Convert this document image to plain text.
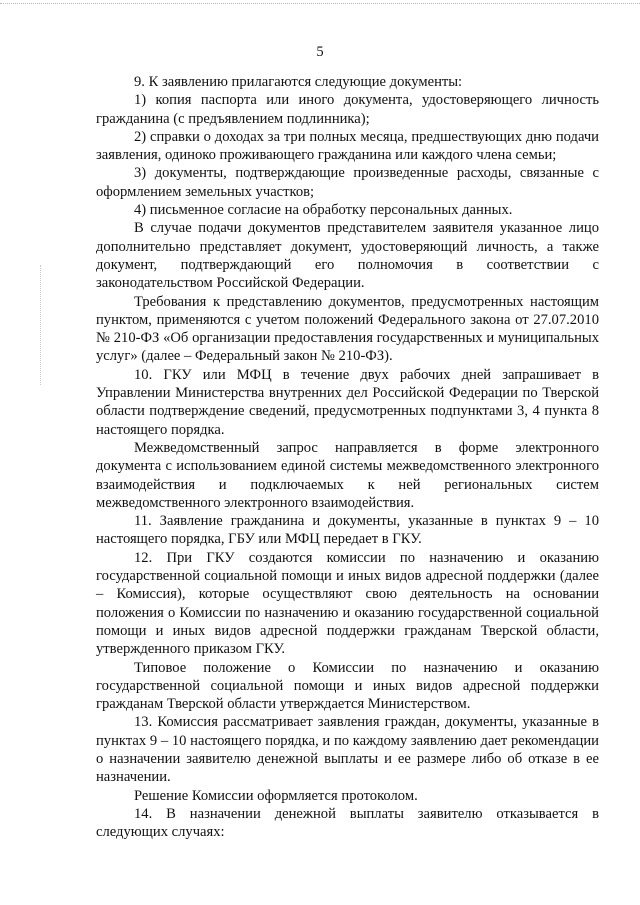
5

9. К заявлению прилагаются следующие документы:

1) копия паспорта или иного документа, удостоверяющего личность гражданина (с предъявлением подлинника);

2) справки о доходах за три полных месяца, предшествующих дню подачи заявления, одиноко проживающего гражданина или каждого члена семьи;

3) документы, подтверждающие произведенные расходы, связанные с оформлением земельных участков;

4) письменное согласие на обработку персональных данных.

В случае подачи документов представителем заявителя указанное лицо дополнительно представляет документ, удостоверяющий личность, а также документ, подтверждающий его полномочия в соответствии с законодательством Российской Федерации.

Требования к представлению документов, предусмотренных настоящим пунктом, применяются с учетом положений Федерального закона от 27.07.2010 № 210-ФЗ «Об организации предоставления государственных и муниципальных услуг» (далее – Федеральный закон № 210-ФЗ).

10. ГКУ или МФЦ в течение двух рабочих дней запрашивает в Управлении Министерства внутренних дел Российской Федерации по Тверской области подтверждение сведений, предусмотренных подпунктами 3, 4 пункта 8 настоящего порядка.

Межведомственный запрос направляется в форме электронного документа с использованием единой системы межведомственного электронного взаимодействия и подключаемых к ней региональных систем межведомственного электронного взаимодействия.

11. Заявление гражданина и документы, указанные в пунктах 9 – 10 настоящего порядка, ГБУ или МФЦ передает в ГКУ.

12. При ГКУ создаются комиссии по назначению и оказанию государственной социальной помощи и иных видов адресной поддержки (далее – Комиссия), которые осуществляют свою деятельность на основании положения о Комиссии по назначению и оказанию государственной социальной помощи и иных видов адресной поддержки гражданам Тверской области, утвержденного приказом ГКУ.

Типовое положение о Комиссии по назначению и оказанию государственной социальной помощи и иных видов адресной поддержки гражданам Тверской области утверждается Министерством.

13. Комиссия рассматривает заявления граждан, документы, указанные в пунктах 9 – 10 настоящего порядка, и по каждому заявлению дает рекомендации о назначении заявителю денежной выплаты и ее размере либо об отказе в ее назначении.

Решение Комиссии оформляется протоколом.

14. В назначении денежной выплаты заявителю отказывается в следующих случаях:
